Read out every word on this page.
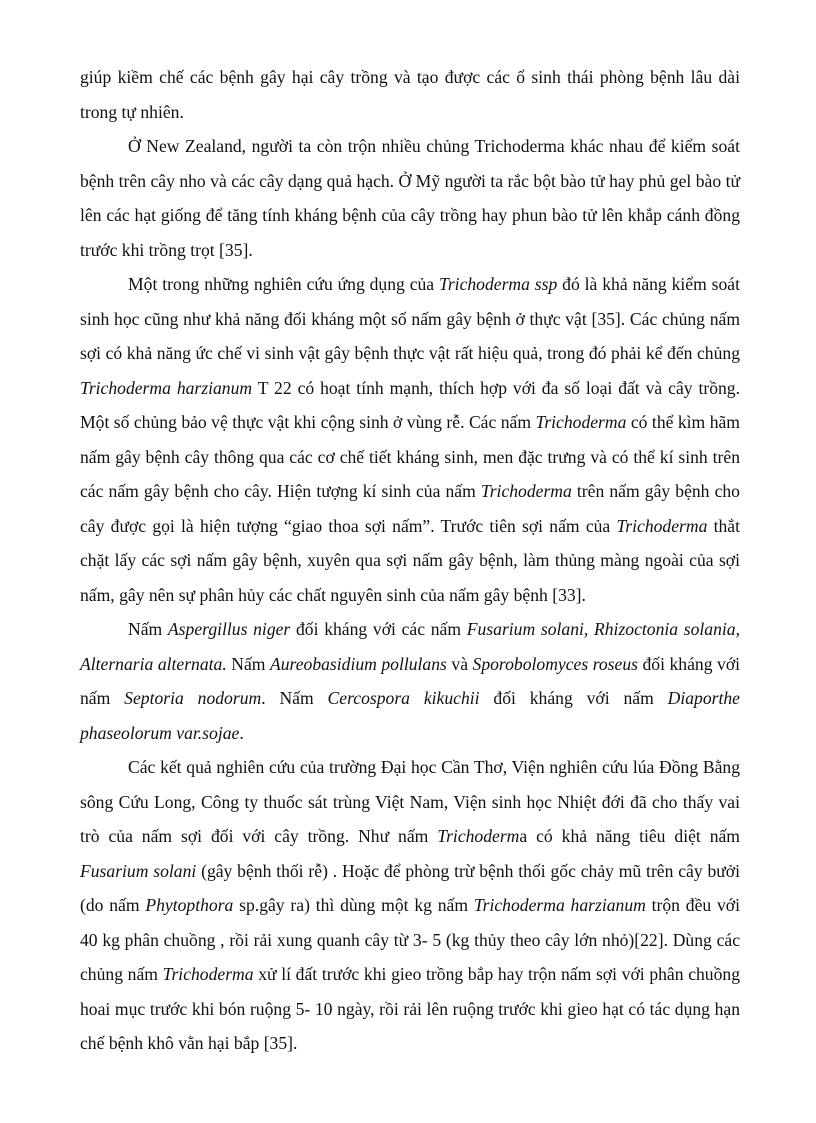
giúp kiềm chế các bệnh gây hại cây trồng và tạo được các ổ sinh thái phòng bệnh lâu dài trong tự nhiên.

Ở New Zealand, người ta còn trộn nhiều chủng Trichoderma khác nhau để kiểm soát bệnh trên cây nho và các cây dạng quả hạch. Ở Mỹ người ta rắc bột bào tử hay phủ gel bào tử lên các hạt giống để tăng tính kháng bệnh của cây trồng hay phun bào tử lên khắp cánh đồng trước khi trồng trọt [35].

Một trong những nghiên cứu ứng dụng của Trichoderma ssp đó là khả năng kiểm soát sinh học cũng như khả năng đối kháng một số nấm gây bệnh ở thực vật [35]. Các chủng nấm sợi có khả năng ức chế vi sinh vật gây bệnh thực vật rất hiệu quả, trong đó phải kể đến chủng Trichoderma harzianum T 22 có hoạt tính mạnh, thích hợp với đa số loại đất và cây trồng. Một số chủng bảo vệ thực vật khi cộng sinh ở vùng rễ. Các nấm Trichoderma có thể kìm hãm nấm gây bệnh cây thông qua các cơ chế tiết kháng sinh, men đặc trưng và có thể kí sinh trên các nấm gây bệnh cho cây. Hiện tượng kí sinh của nấm Trichoderma trên nấm gây bệnh cho cây được gọi là hiện tượng “giao thoa sợi nấm”. Trước tiên sợi nấm của Trichoderma thắt chặt lấy các sợi nấm gây bệnh, xuyên qua sợi nấm gây bệnh, làm thủng màng ngoài của sợi nấm, gây nên sự phân hủy các chất nguyên sinh của nấm gây bệnh [33].

Nấm Aspergillus niger đối kháng với các nấm Fusarium solani, Rhizoctonia solania, Alternaria alternata. Nấm Aureobasidium pollulans và Sporobolomyces roseus đối kháng với nấm Septoria nodorum. Nấm Cercospora kikuchii đối kháng với nấm Diaporthe phaseolorum var.sojae.

Các kết quả nghiên cứu của trường Đại học Cần Thơ, Viện nghiên cứu lúa Đồng Bằng sông Cứu Long, Công ty thuốc sát trùng Việt Nam, Viện sinh học Nhiệt đới đã cho thấy vai trò của nấm sợi đối với cây trồng. Như nấm Trichoderma có khả năng tiêu diệt nấm Fusarium solani (gây bệnh thối rễ) . Hoặc để phòng trừ bệnh thối gốc chảy mũ trên cây bưởi (do nấm Phytopthora sp.gây ra) thì dùng một kg nấm Trichoderma harzianum trộn đều với 40 kg phân chuồng , rồi rải xung quanh cây từ 3- 5 (kg thủy theo cây lớn nhỏ)[22]. Dùng các chủng nấm Trichoderma xử lí đất trước khi gieo trồng bắp hay trộn nấm sợi với phân chuồng hoai mục trước khi bón ruộng 5- 10 ngày, rồi rải lên ruộng trước khi gieo hạt có tác dụng hạn chế bệnh khô vằn hại bắp [35].
